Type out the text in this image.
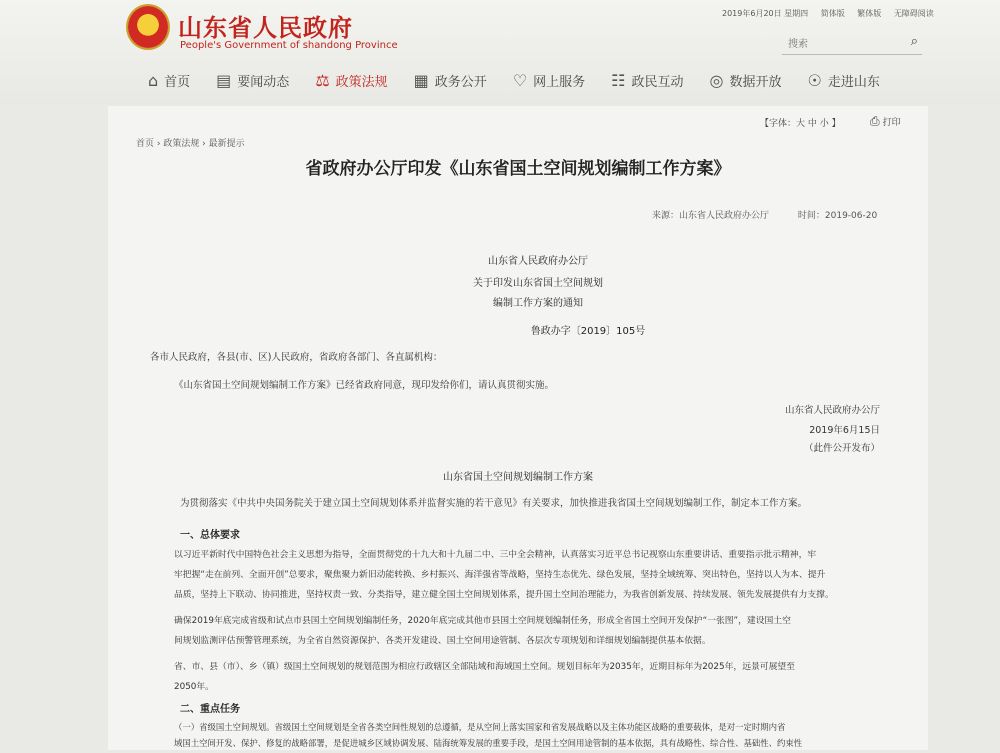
山东省人民政府
People's Government of shandong Province
2019年6月20日 星期四 简体版 繁体版 无障碍阅读
搜索
⌕
⌂ 首页 ▤ 要闻动态 ⚖ 政策法规 ▦ 政务公开 ♡ 网上服务 ☷ 政民互动 ◎ 数据开放 ☉ 走进山东
首页 › 政策法规 › 最新提示
【字体：大 中 小 】 ⎙ 打印
省政府办公厅印发《山东省国土空间规划编制工作方案》
来源：山东省人民政府办公厅	时间：2019-06-20
山东省人民政府办公厅
关于印发山东省国土空间规划
编制工作方案的通知
鲁政办字〔2019〕105号
各市人民政府，各县(市、区)人民政府，省政府各部门、各直属机构：
《山东省国土空间规划编制工作方案》已经省政府同意，现印发给你们，请认真贯彻实施。
山东省人民政府办公厅
2019年6月15日
（此件公开发布）
山东省国土空间规划编制工作方案
为贯彻落实《中共中央国务院关于建立国土空间规划体系并监督实施的若干意见》有关要求，加快推进我省国土空间规划编制工作，制定本工作方案。
一、总体要求
以习近平新时代中国特色社会主义思想为指导，全面贯彻党的十九大和十九届二中、三中全会精神，认真落实习近平总书记视察山东重要讲话、重要指示批示精神，牢
牢把握“走在前列、全面开创”总要求，聚焦聚力新旧动能转换、乡村振兴、海洋强省等战略，坚持生态优先、绿色发展，坚持全域统筹、突出特色，坚持以人为本、提升
品质，坚持上下联动、协同推进，坚持权责一致、分类指导，建立健全国土空间规划体系，提升国土空间治理能力，为我省创新发展、持续发展、领先发展提供有力支撑。
确保2019年底完成省级和试点市县国土空间规划编制任务，2020年底完成其他市县国土空间规划编制任务，形成全省国土空间开发保护“一张图”，建设国土空
间规划监测评估预警管理系统，为全省自然资源保护、各类开发建设、国土空间用途管制、各层次专项规划和详细规划编制提供基本依据。
省、市、县（市）、乡（镇）级国土空间规划的规划范围为相应行政辖区全部陆域和海域国土空间。规划目标年为2035年，近期目标年为2025年，远景可展望至
2050年。
二、重点任务
（一）省级国土空间规划。省级国土空间规划是全省各类空间性规划的总遵循，是从空间上落实国家和省发展战略以及主体功能区战略的重要载体，是对一定时期内省
域国土空间开发、保护、修复的战略部署，是促进城乡区域协调发展、陆海统筹发展的重要手段，是国土空间用途管制的基本依据，具有战略性、综合性、基础性、约束性
